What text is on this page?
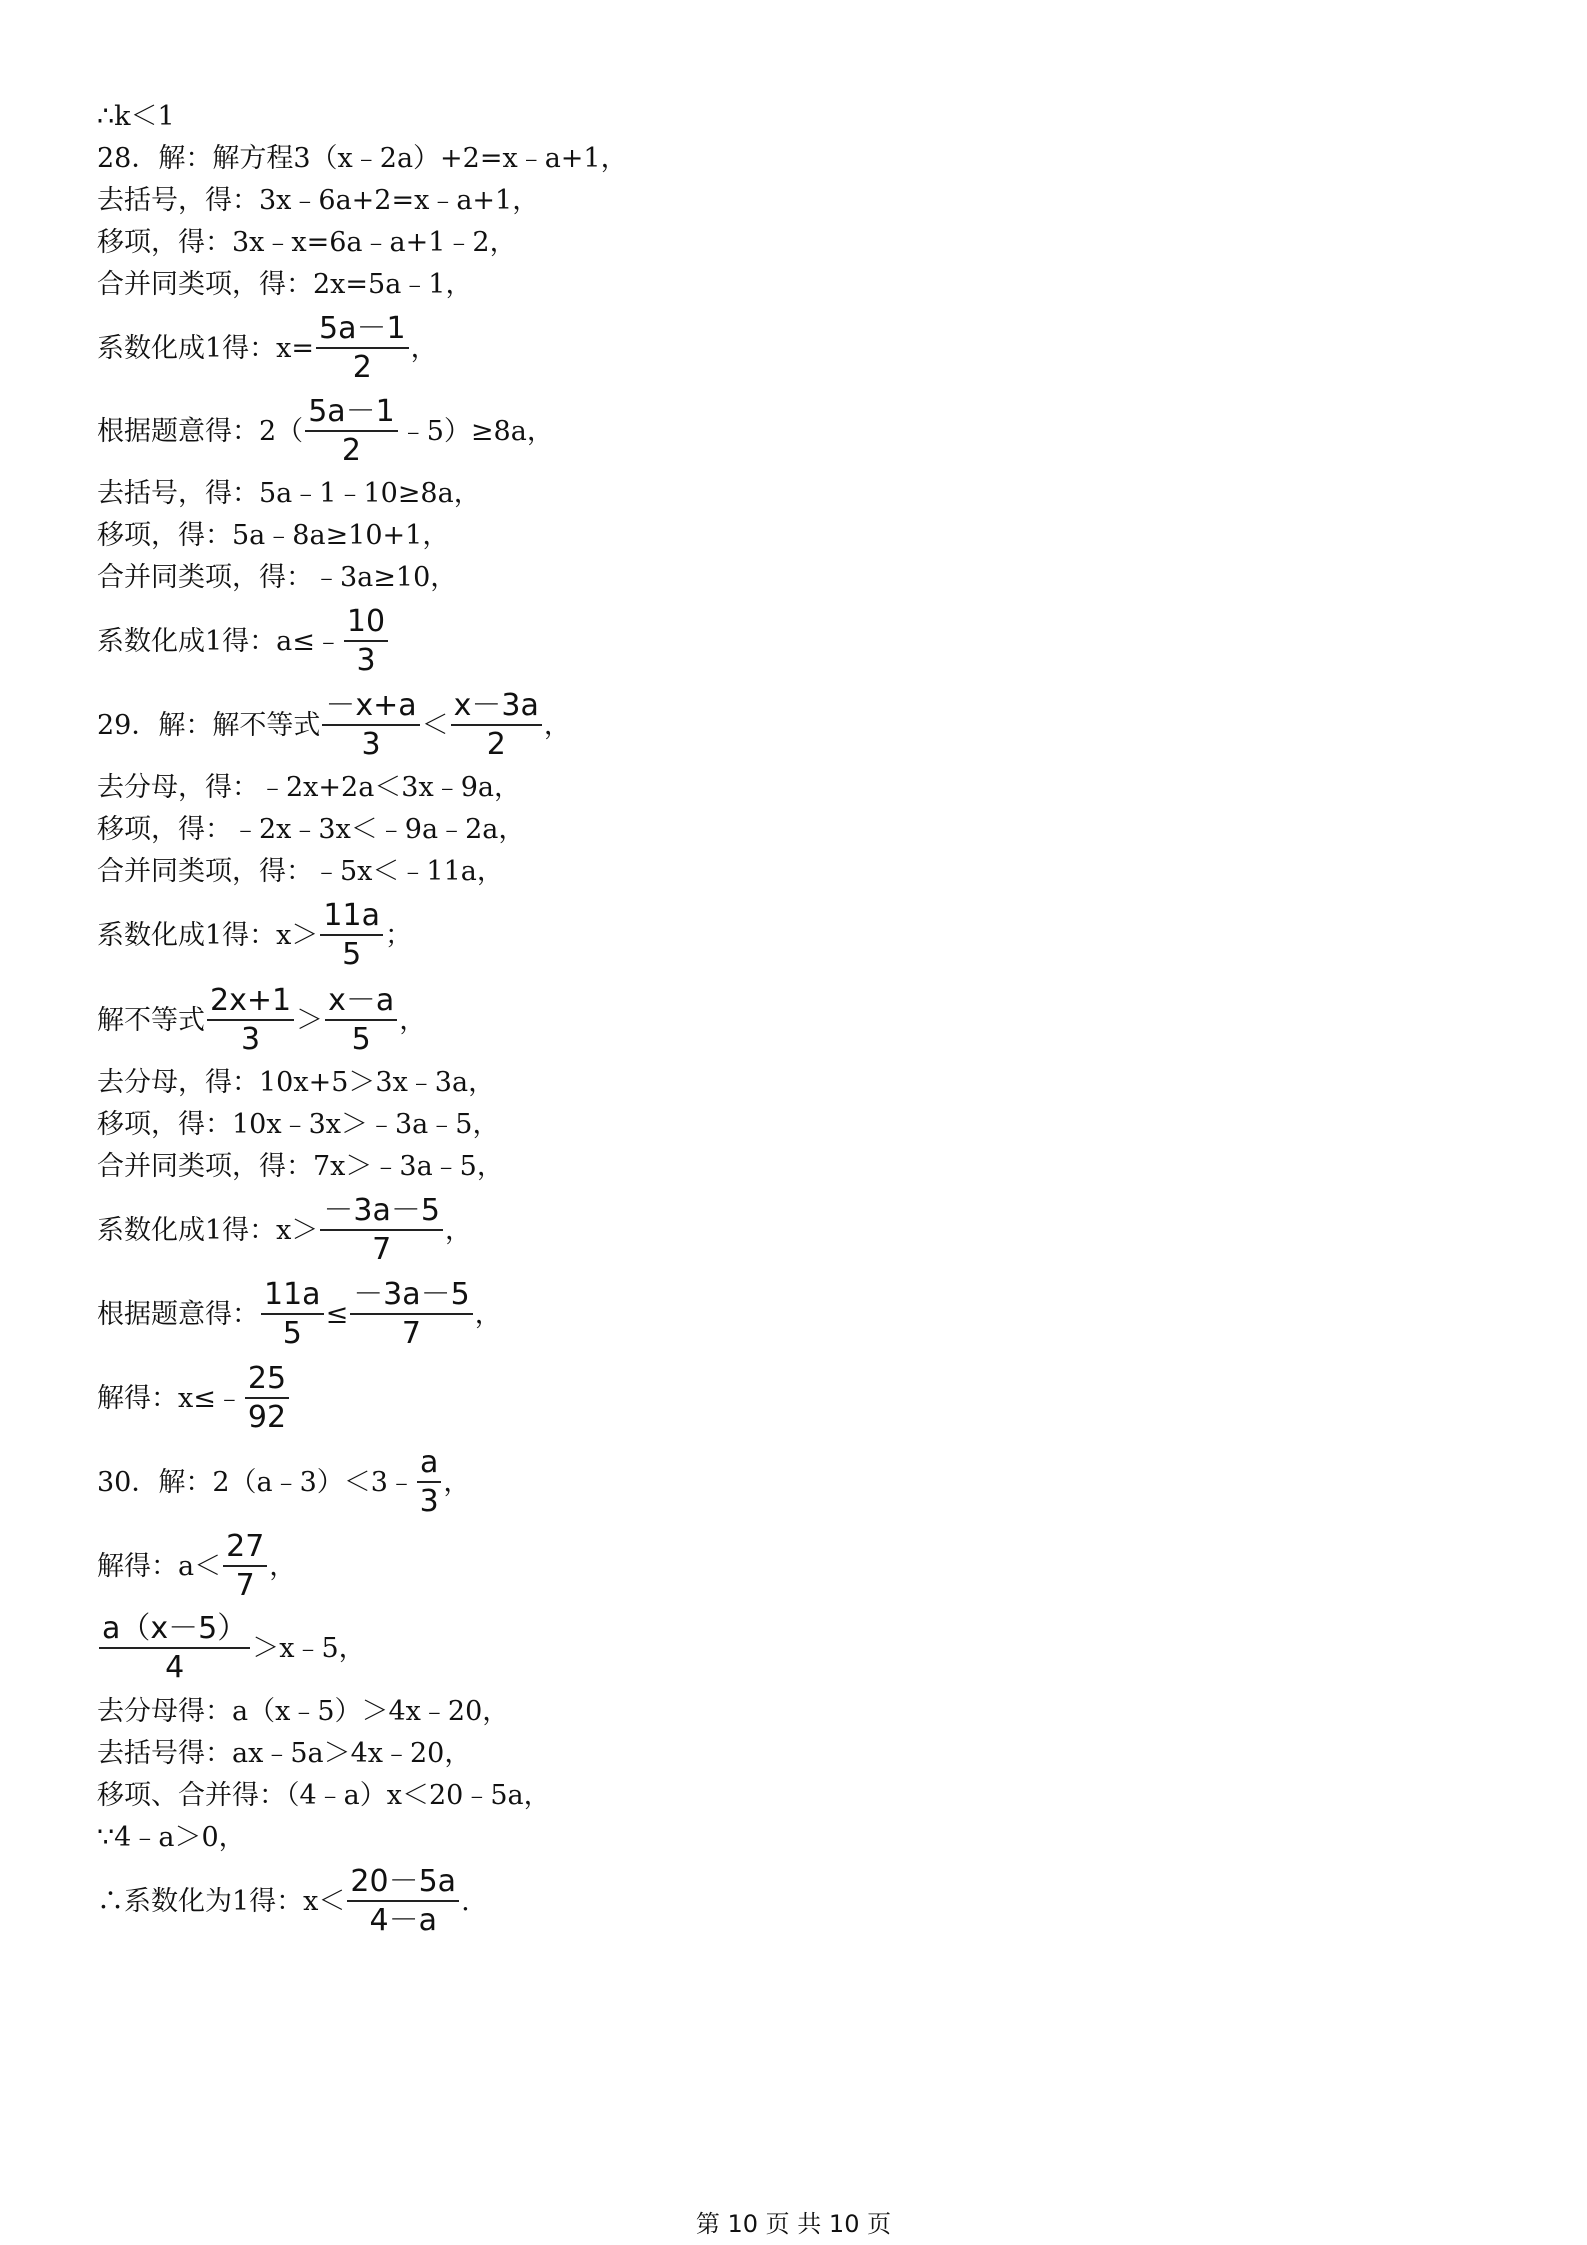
∴k＜1
28．解：解方程3（x﹣2a）+2=x﹣a+1，
去括号，得：3x﹣6a+2=x﹣a+1，
移项，得：3x﹣x=6a﹣a+1﹣2，
合并同类项，得：2x=5a﹣1，
系数化成1得：$x= \frac{5a-1}{2}$ ，
根据题意得：$2( \frac{5a-1}{2}$ ﹣5）≥8a，
去括号，得：5a﹣1﹣10≥8a，
移项，得：5a﹣8a≥10+1，
合并同类项，得：﹣3a≥10，
系数化成1得：a≤﹣ $\frac{10}{3}$
29．解：解不等式 $\frac{-x+a}{3} < \frac{x-3a}{2}$ ，
去分母，得：﹣2x+2a＜3x﹣9a，
移项，得：﹣2x﹣3x＜﹣9a﹣2a，
合并同类项，得：﹣5x＜﹣11a，
系数化成1得：$x> \frac{11a}{5}$ ；
解不等式 $\frac{2x+1}{3} > \frac{x-a}{5}$ ，
去分母，得：10x+5＞3x﹣3a，
移项，得：10x﹣3x＞﹣3a﹣5，
合并同类项，得：7x＞﹣3a﹣5，
系数化成1得：$x> \frac{-3a-5}{7}$ ，
根据题意得： $\frac{11a}{5} \le \frac{-3a-5}{7}$ ，
解得：x≤﹣ $\frac{25}{92}$
30．解：2（a﹣3）＜3﹣ $\frac{a}{3}$ ，
解得：$a< \frac{27}{7}$ ，
$\frac{a(x-5)}{4}$ ＞x﹣5，
去分母得：a（x﹣5）＞4x﹣20，
去括号得：ax﹣5a＞4x﹣20，
移项、合并得：（4﹣a）x＜20﹣5a，
∵4﹣a＞0，
∴系数化为1得：$x< \frac{20-5a}{4-a}$ .
第 10 页 共 10 页
